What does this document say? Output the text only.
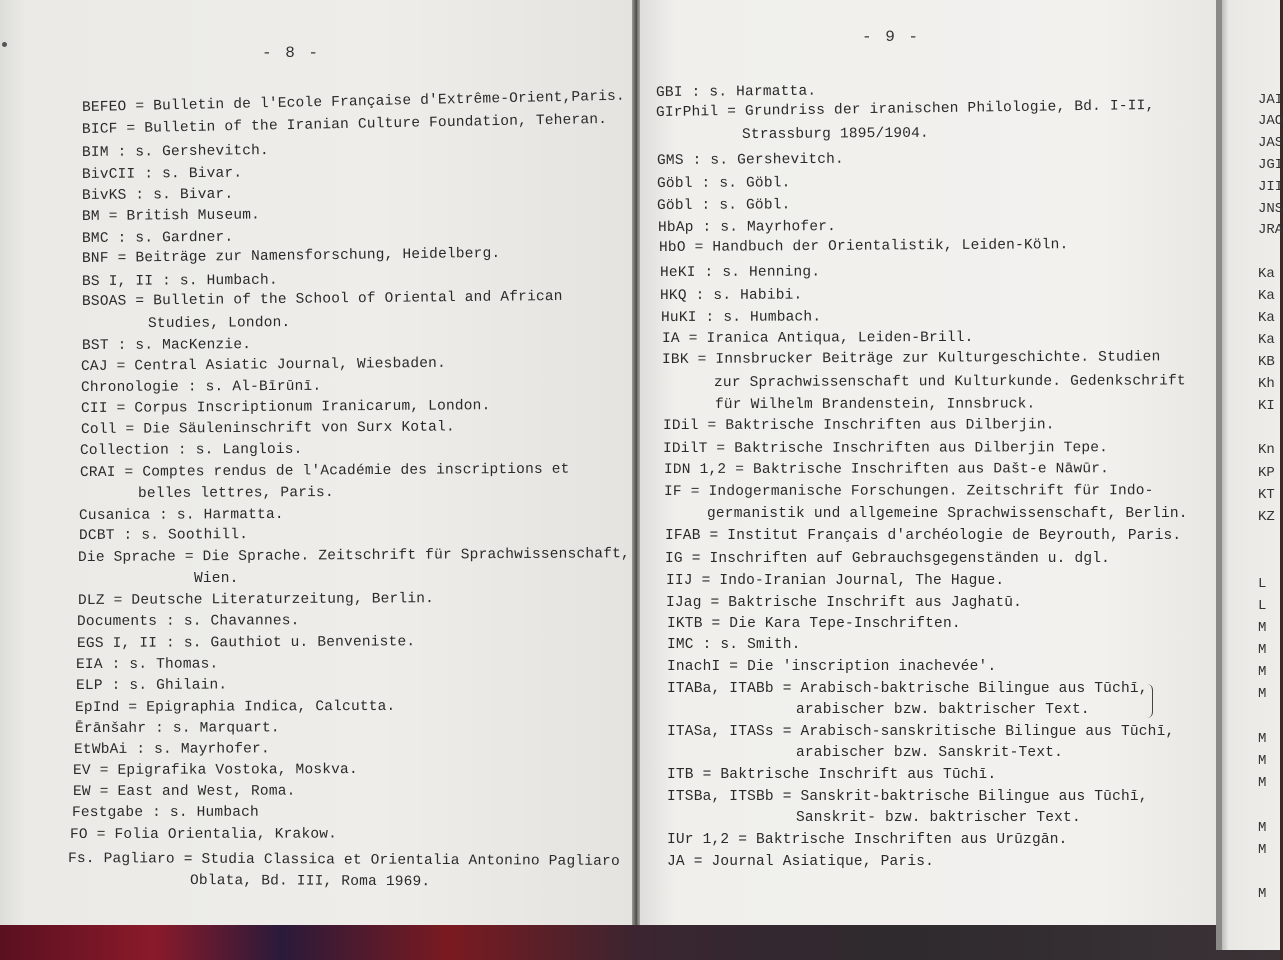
- 8 -
- 9 -
BEFEO = Bulletin de l'Ecole Française d'Extrême-Orient,Paris.
BICF = Bulletin of the Iranian Culture Foundation, Teheran.
BIM : s. Gershevitch.
BivCII : s. Bivar.
BivKS : s. Bivar.
BM = British Museum.
BMC : s. Gardner.
BNF = Beiträge zur Namensforschung, Heidelberg.
BS I, II : s. Humbach.
BSOAS = Bulletin of the School of Oriental and African
Studies, London.
BST : s. MacKenzie.
CAJ = Central Asiatic Journal, Wiesbaden.
Chronologie : s. Al-Bīrūnī.
CII = Corpus Inscriptionum Iranicarum, London.
Coll = Die Säuleninschrift von Surx Kotal.
Collection : s. Langlois.
CRAI = Comptes rendus de l'Académie des inscriptions et
belles lettres, Paris.
Cusanica : s. Harmatta.
DCBT : s. Soothill.
Die Sprache = Die Sprache. Zeitschrift für Sprachwissenschaft,
Wien.
DLZ = Deutsche Literaturzeitung, Berlin.
Documents : s. Chavannes.
EGS I, II : s. Gauthiot u. Benveniste.
EIA : s. Thomas.
ELP : s. Ghilain.
EpInd = Epigraphia Indica, Calcutta.
Ērānšahr : s. Marquart.
EtWbAi : s. Mayrhofer.
EV = Epigrafika Vostoka, Moskva.
EW = East and West, Roma.
Festgabe : s. Humbach
FO = Folia Orientalia, Krakow.
Fs. Pagliaro = Studia Classica et Orientalia Antonino Pagliaro
Oblata, Bd. III, Roma 1969.
GBI : s. Harmatta.
GIrPhil = Grundriss der iranischen Philologie, Bd. I-II,
Strassburg 1895/1904.
GMS : s. Gershevitch.
Göbl : s. Göbl.
Göbl : s. Göbl.
HbAp : s. Mayrhofer.
HbO = Handbuch der Orientalistik, Leiden-Köln.
HeKI : s. Henning.
HKQ : s. Habibi.
HuKI : s. Humbach.
IA = Iranica Antiqua, Leiden-Brill.
IBK = Innsbrucker Beiträge zur Kulturgeschichte. Studien
zur Sprachwissenschaft und Kulturkunde. Gedenkschrift
für Wilhelm Brandenstein, Innsbruck.
IDil = Baktrische Inschriften aus Dilberjin.
IDilT = Baktrische Inschriften aus Dilberjin Tepe.
IDN 1,2 = Baktrische Inschriften aus Dašt-e Nāwūr.
IF = Indogermanische Forschungen. Zeitschrift für Indo-
germanistik und allgemeine Sprachwissenschaft, Berlin.
IFAB = Institut Français d'archéologie de Beyrouth, Paris.
IG = Inschriften auf Gebrauchsgegenständen u. dgl.
IIJ = Indo-Iranian Journal, The Hague.
IJag = Baktrische Inschrift aus Jaghatū.
IKTB = Die Kara Tepe-Inschriften.
IMC : s. Smith.
InachI = Die 'inscription inachevée'.
ITABa, ITABb = Arabisch-baktrische Bilingue aus Tūchī,
arabischer bzw. baktrischer Text.
ITASa, ITASs = Arabisch-sanskritische Bilingue aus Tūchī,
arabischer bzw. Sanskrit-Text.
ITB = Baktrische Inschrift aus Tūchī.
ITSBa, ITSBb = Sanskrit-baktrische Bilingue aus Tūchī,
Sanskrit- bzw. baktrischer Text.
IUr 1,2 = Baktrische Inschriften aus Urūzgān.
JA = Journal Asiatique, Paris.
JAI
JAO
JAS
JGI
JII
JNS
JRA
Ka
Ka
Ka
Ka
KB
Kh
KI
Kn
KP
KT
KZ
L
L
M
M
M
M
M
M
M
M
M
M
